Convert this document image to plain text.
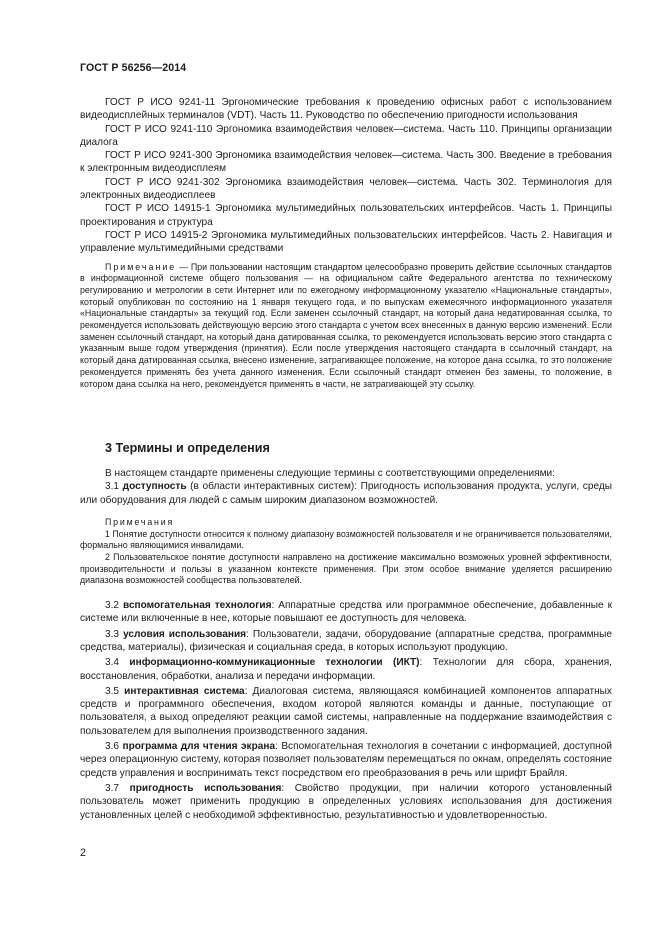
ГОСТ Р 56256—2014

ГОСТ Р ИСО 9241-11 Эргономические требования к проведению офисных работ с использованием видеодисплейных терминалов (VDT). Часть 11. Руководство по обеспечению пригодности использования

ГОСТ Р ИСО 9241-110 Эргономика взаимодействия человек—система. Часть 110. Принципы организации диалога

ГОСТ Р ИСО 9241-300 Эргономика взаимодействия человек—система. Часть 300. Введение в требования к электронным видеодисплеям

ГОСТ Р ИСО 9241-302 Эргономика взаимодействия человек—система. Часть 302. Терминология для электронных видеодисплеев

ГОСТ Р ИСО 14915-1 Эргономика мультимедийных пользовательских интерфейсов. Часть 1. Принципы проектирования и структура

ГОСТ Р ИСО 14915-2 Эргономика мультимедийных пользовательских интерфейсов. Часть 2. Навигация и управление мультимедийными средствами

Примечание — При пользовании настоящим стандартом целесообразно проверить действие ссылочных стандартов в информационной системе общего пользования — на официальном сайте Федерального агентства по техническому регулированию и метрологии в сети Интернет или по ежегодному информационному указателю «Национальные стандарты», который опубликован по состоянию на 1 января текущего года, и по выпускам ежемесячного информационного указателя «Национальные стандарты» за текущий год. Если заменен ссылочный стандарт, на который дана недатированная ссылка, то рекомендуется использовать действующую версию этого стандарта с учетом всех внесенных в данную версию изменений. Если заменен ссылочный стандарт, на который дана датированная ссылка, то рекомендуется использовать версию этого стандарта с указанным выше годом утверждения (принятия). Если после утверждения настоящего стандарта в ссылочный стандарт, на который дана датированная ссылка, внесено изменение, затрагивающее положение, на которое дана ссылка, то это положение рекомендуется применять без учета данного изменения. Если ссылочный стандарт отменен без замены, то положение, в котором дана ссылка на него, рекомендуется применять в части, не затрагивающей эту ссылку.

3 Термины и определения

В настоящем стандарте применены следующие термины с соответствующими определениями:

3.1 доступность (в области интерактивных систем): Пригодность использования продукта, услуги, среды или оборудования для людей с самым широким диапазоном возможностей.

Примечания

1 Понятие доступности относится к полному диапазону возможностей пользователя и не ограничивается пользователями, формально являющимися инвалидами.

2 Пользовательское понятие доступности направлено на достижение максимально возможных уровней эффективности, производительности и пользы в указанном контексте применения. При этом особое внимание уделяется расширению диапазона возможностей сообщества пользователей.

3.2 вспомогательная технология: Аппаратные средства или программное обеспечение, добавленные к системе или включенные в нее, которые повышают ее доступность для человека.

3.3 условия использования: Пользователи, задачи, оборудование (аппаратные средства, программные средства, материалы), физическая и социальная среда, в которых используют продукцию.

3.4 информационно-коммуникационные технологии (ИКТ): Технологии для сбора, хранения, восстановления, обработки, анализа и передачи информации.

3.5 интерактивная система: Диалоговая система, являющаяся комбинацией компонентов аппаратных средств и программного обеспечения, входом которой являются команды и данные, поступающие от пользователя, а выход определяют реакции самой системы, направленные на поддержание взаимодействия с пользователем для выполнения производственного задания.

3.6 программа для чтения экрана: Вспомогательная технология в сочетании с информацией, доступной через операционную систему, которая позволяет пользователям перемещаться по окнам, определять состояние средств управления и воспринимать текст посредством его преобразования в речь или шрифт Брайля.

3.7 пригодность использования: Свойство продукции, при наличии которого установленный пользователь может применить продукцию в определенных условиях использования для достижения установленных целей с необходимой эффективностью, результативностью и удовлетворенностью.

2
